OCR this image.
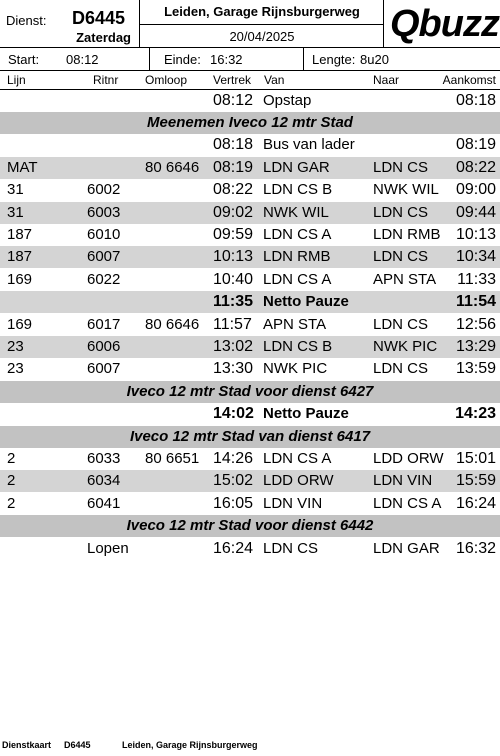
Dienst: D6445
Zaterdag
Leiden, Garage Rijnsburgerweg
20/04/2025	Qbuzz
Start: 08:12	Einde: 16:32	Lengte: 8u20
Lijn	Ritnr Omloop Vertrek Van	Naar	Aankomst
08:12 Opstap	08:18
Meenemen Iveco 12 mtr Stad
08:18 Bus van lader	08:19
MAT	80 6646 08:19 LDN GAR	LDN CS 08:22
31	6002	08:22 LDN CS B	NWK WIL 09:00
31	6003	09:02 NWK WIL	LDN CS 09:44
187	6010	09:59 LDN CS A	LDN RMB 10:13
187	6007	10:13 LDN RMB	LDN CS 10:34
169	6022	10:40 LDN CS A	APN STA 11:33
11:35 Netto Pauze	11:54
169	6017 80 6646 11:57 APN STA	LDN CS 12:56
23	6006	13:02 LDN CS B	NWK PIC 13:29
23	6007	13:30 NWK PIC	LDN CS 13:59
Iveco 12 mtr Stad voor dienst 6427
14:02 Netto Pauze	14:23
Iveco 12 mtr Stad van dienst 6417
2	6033 80 6651 14:26 LDN CS A	LDD ORW 15:01
2	6034	15:02 LDD ORW	LDN VIN 15:59
2	6041	16:05 LDN VIN	LDN CS A 16:24
Iveco 12 mtr Stad voor dienst 6442
Lopen	16:24 LDN CS	LDN GAR 16:32
Dienstkaart D6445	Leiden, Garage Rijnsburgerweg
